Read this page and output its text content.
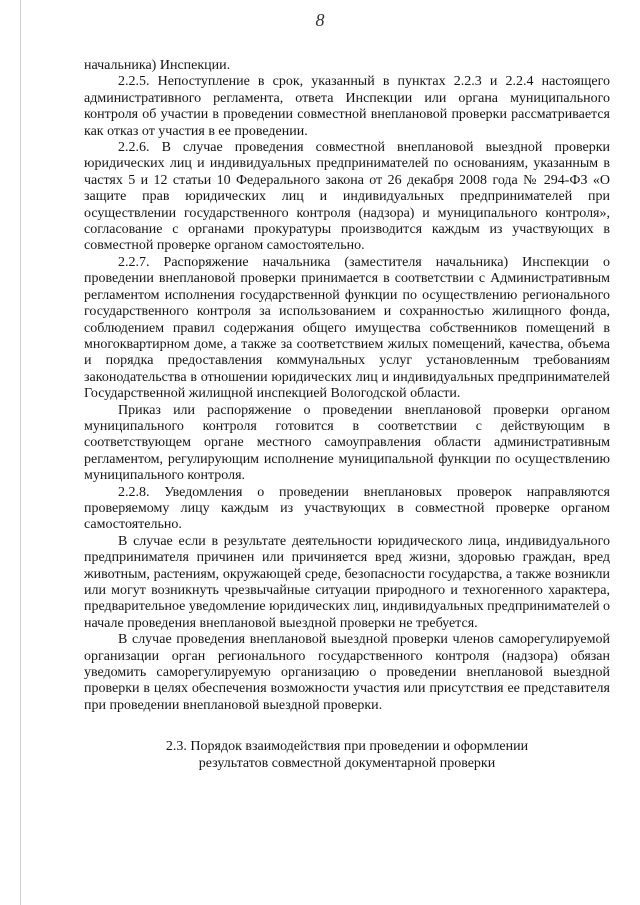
8

начальника) Инспекции.

2.2.5. Непоступление в срок, указанный в пунктах 2.2.3 и 2.2.4 настоящего административного регламента, ответа Инспекции или органа муниципального контроля об участии в проведении совместной внеплановой проверки рассматривается как отказ от участия в ее проведении.

2.2.6. В случае проведения совместной внеплановой выездной проверки юридических лиц и индивидуальных предпринимателей по основаниям, указанным в частях 5 и 12 статьи 10 Федерального закона от 26 декабря 2008 года № 294-ФЗ «О защите прав юридических лиц и индивидуальных предпринимателей при осуществлении государственного контроля (надзора) и муниципального контроля», согласование с органами прокуратуры производится каждым из участвующих в совместной проверке органом самостоятельно.

2.2.7. Распоряжение начальника (заместителя начальника) Инспекции о проведении внеплановой проверки принимается в соответствии с Административным регламентом исполнения государственной функции по осуществлению регионального государственного контроля за использованием и сохранностью жилищного фонда, соблюдением правил содержания общего имущества собственников помещений в многоквартирном доме, а также за соответствием жилых помещений, качества, объема и порядка предоставления коммунальных услуг установленным требованиям законодательства в отношении юридических лиц и индивидуальных предпринимателей Государственной жилищной инспекцией Вологодской области.

Приказ или распоряжение о проведении внеплановой проверки органом муниципального контроля готовится в соответствии с действующим в соответствующем органе местного самоуправления области административным регламентом, регулирующим исполнение муниципальной функции по осуществлению муниципального контроля.

2.2.8. Уведомления о проведении внеплановых проверок направляются проверяемому лицу каждым из участвующих в совместной проверке органом самостоятельно.

В случае если в результате деятельности юридического лица, индивидуального предпринимателя причинен или причиняется вред жизни, здоровью граждан, вред животным, растениям, окружающей среде, безопасности государства, а также возникли или могут возникнуть чрезвычайные ситуации природного и техногенного характера, предварительное уведомление юридических лиц, индивидуальных предпринимателей о начале проведения внеплановой выездной проверки не требуется.

В случае проведения внеплановой выездной проверки членов саморегулируемой организации орган регионального государственного контроля (надзора) обязан уведомить саморегулируемую организацию о проведении внеплановой выездной проверки в целях обеспечения возможности участия или присутствия ее представителя при проведении внеплановой выездной проверки.

2.3. Порядок взаимодействия при проведении и оформлении
результатов совместной документарной проверки
